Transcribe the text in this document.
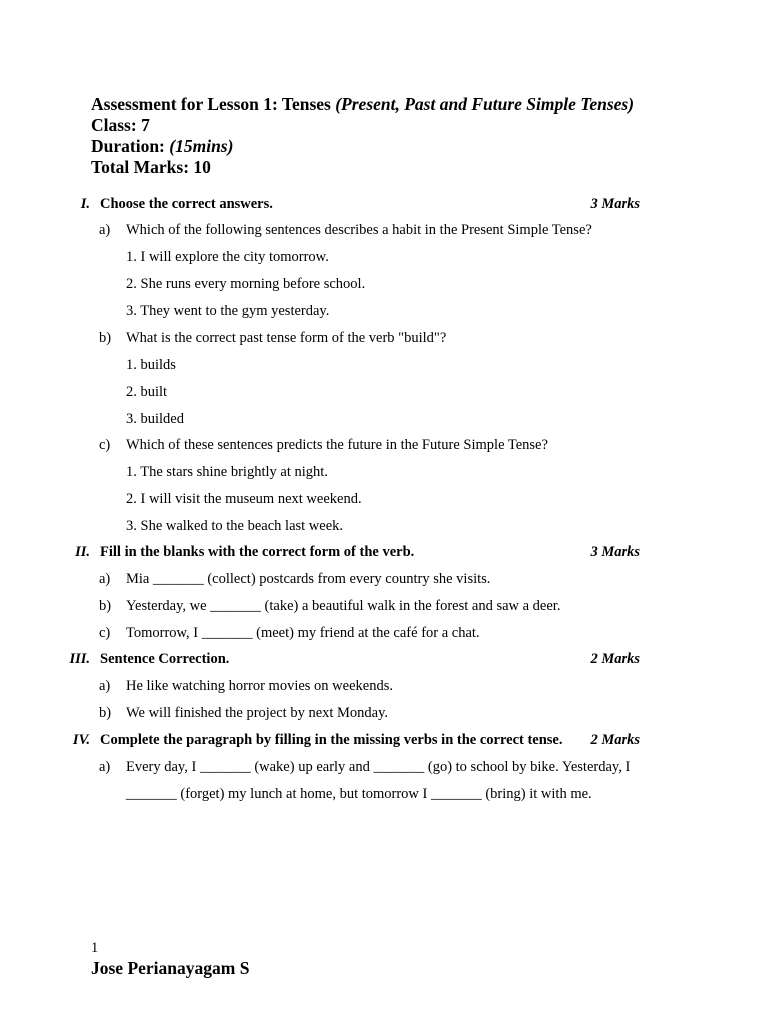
Assessment for Lesson 1: Tenses (Present, Past and Future Simple Tenses)
Class: 7
Duration: (15mins)
Total Marks: 10
I. Choose the correct answers.	3 Marks
a) Which of the following sentences describes a habit in the Present Simple Tense?
1. I will explore the city tomorrow.
2. She runs every morning before school.
3. They went to the gym yesterday.
b) What is the correct past tense form of the verb "build"?
1. builds
2. built
3. builded
c) Which of these sentences predicts the future in the Future Simple Tense?
1. The stars shine brightly at night.
2. I will visit the museum next weekend.
3. She walked to the beach last week.
II. Fill in the blanks with the correct form of the verb.	3 Marks
a) Mia _______ (collect) postcards from every country she visits.
b) Yesterday, we _______ (take) a beautiful walk in the forest and saw a deer.
c) Tomorrow, I _______ (meet) my friend at the café for a chat.
III. Sentence Correction.	2 Marks
a) He like watching horror movies on weekends.
b) We will finished the project by next Monday.
IV. Complete the paragraph by filling in the missing verbs in the correct tense. 2 Marks
a) Every day, I _______ (wake) up early and _______ (go) to school by bike. Yesterday, I
_______ (forget) my lunch at home, but tomorrow I _______ (bring) it with me.
1
Jose Perianayagam S
